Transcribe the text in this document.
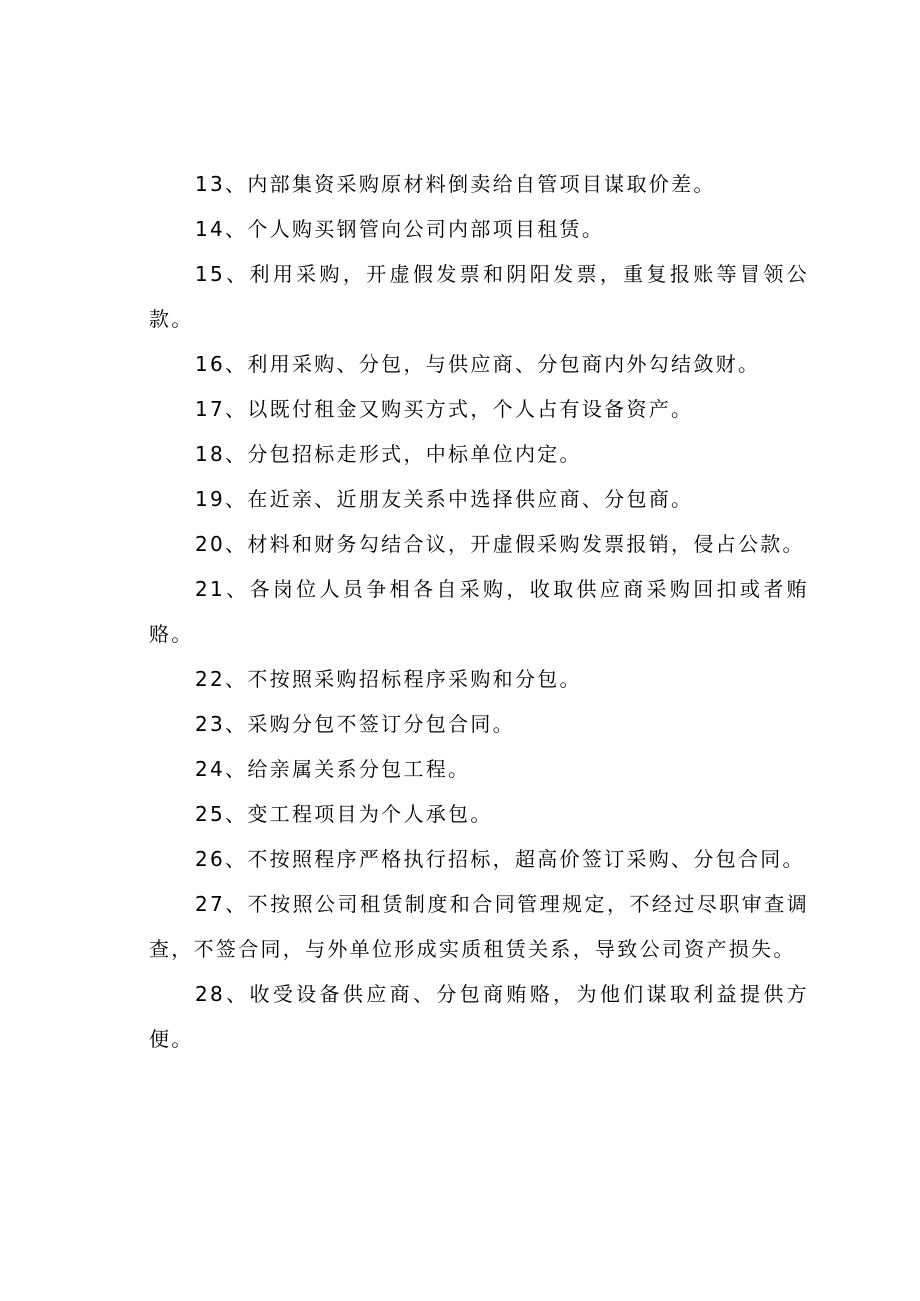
13、内部集资采购原材料倒卖给自管项目谋取价差。

14、个人购买钢管向公司内部项目租赁。

15、利用采购，开虚假发票和阴阳发票，重复报账等冒领公款。

16、利用采购、分包，与供应商、分包商内外勾结敛财。

17、以既付租金又购买方式，个人占有设备资产。

18、分包招标走形式，中标单位内定。

19、在近亲、近朋友关系中选择供应商、分包商。

20、材料和财务勾结合议，开虚假采购发票报销，侵占公款。

21、各岗位人员争相各自采购，收取供应商采购回扣或者贿赂。

22、不按照采购招标程序采购和分包。

23、采购分包不签订分包合同。

24、给亲属关系分包工程。

25、变工程项目为个人承包。

26、不按照程序严格执行招标，超高价签订采购、分包合同。

27、不按照公司租赁制度和合同管理规定，不经过尽职审查调查，不签合同，与外单位形成实质租赁关系，导致公司资产损失。

28、收受设备供应商、分包商贿赂，为他们谋取利益提供方便。
